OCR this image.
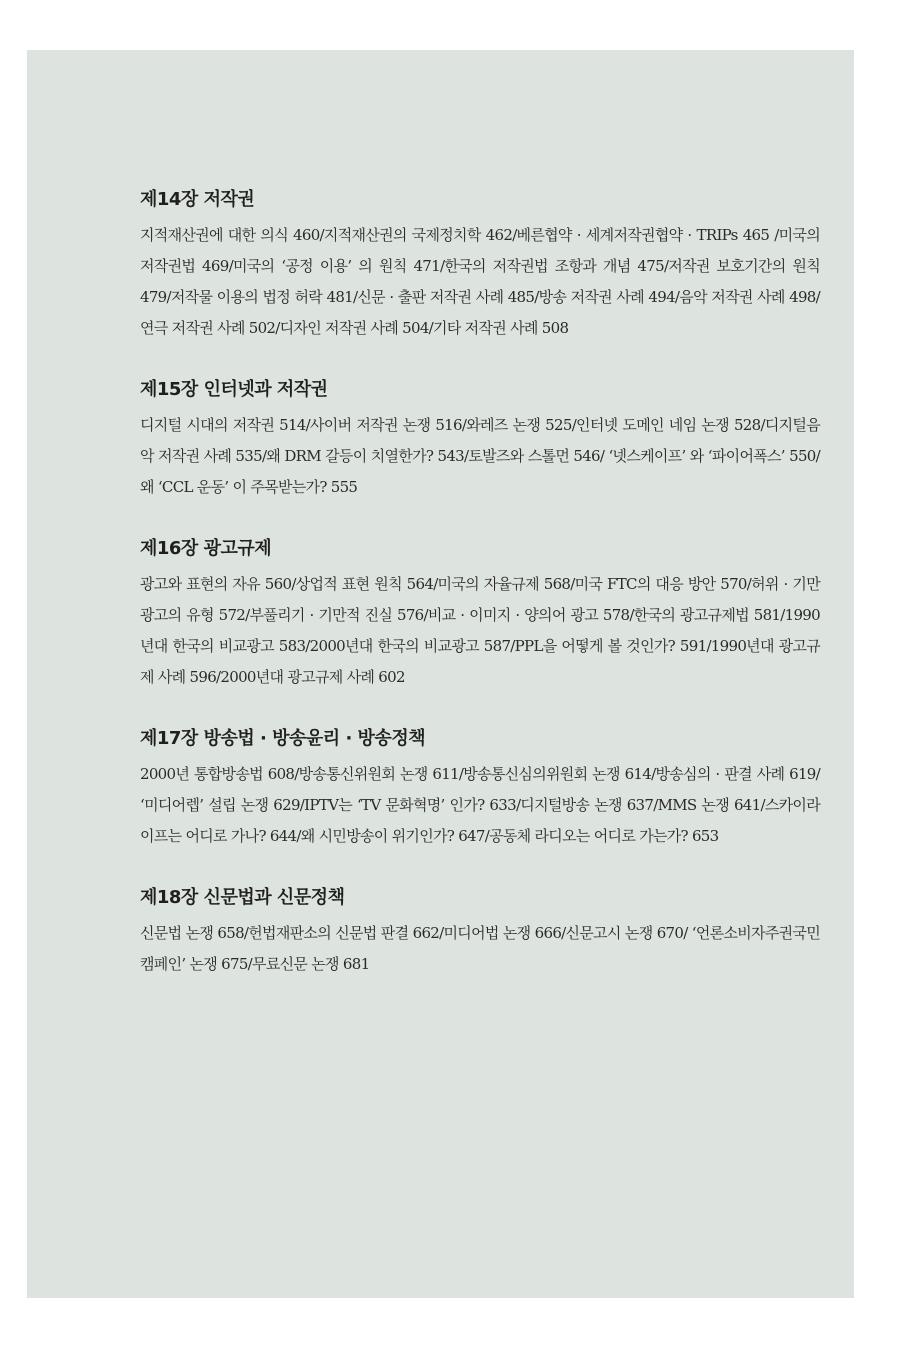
제14장 저작권

지적재산권에 대한 의식 460/지적재산권의 국제정치학 462/베른협약 · 세계저작권협약 · TRIPs 465 /미국의 저작권법 469/미국의 ‘공정 이용’ 의 원칙 471/한국의 저작권법 조항과 개념 475/저작권 보호기간의 원칙 479/저작물 이용의 법정 허락 481/신문 · 출판 저작권 사례 485/방송 저작권 사례 494/음악 저작권 사례 498/연극 저작권 사례 502/디자인 저작권 사례 504/기타 저작권 사례 508

제15장 인터넷과 저작권

디지털 시대의 저작권 514/사이버 저작권 논쟁 516/와레즈 논쟁 525/인터넷 도메인 네임 논쟁 528/디지털음악 저작권 사례 535/왜 DRM 갈등이 치열한가? 543/토발즈와 스톨먼 546/ ‘넷스케이프’ 와 ‘파이어폭스’ 550/왜 ‘CCL 운동’ 이 주목받는가? 555

제16장 광고규제

광고와 표현의 자유 560/상업적 표현 원칙 564/미국의 자율규제 568/미국 FTC의 대응 방안 570/허위 · 기만 광고의 유형 572/부풀리기 · 기만적 진실 576/비교 · 이미지 · 양의어 광고 578/한국의 광고규제법 581/1990년대 한국의 비교광고 583/2000년대 한국의 비교광고 587/PPL을 어떻게 볼 것인가? 591/1990년대 광고규제 사례 596/2000년대 광고규제 사례 602

제17장 방송법 · 방송윤리 · 방송정책

2000년 통합방송법 608/방송통신위원회 논쟁 611/방송통신심의위원회 논쟁 614/방송심의 · 판결 사례 619/ ‘미디어렙’ 설립 논쟁 629/IPTV는 ‘TV 문화혁명’ 인가? 633/디지털방송 논쟁 637/MMS 논쟁 641/스카이라이프는 어디로 가나? 644/왜 시민방송이 위기인가? 647/공동체 라디오는 어디로 가는가? 653

제18장 신문법과 신문정책

신문법 논쟁 658/헌법재판소의 신문법 판결 662/미디어법 논쟁 666/신문고시 논쟁 670/ ‘언론소비자주권국민캠페인’ 논쟁 675/무료신문 논쟁 681
